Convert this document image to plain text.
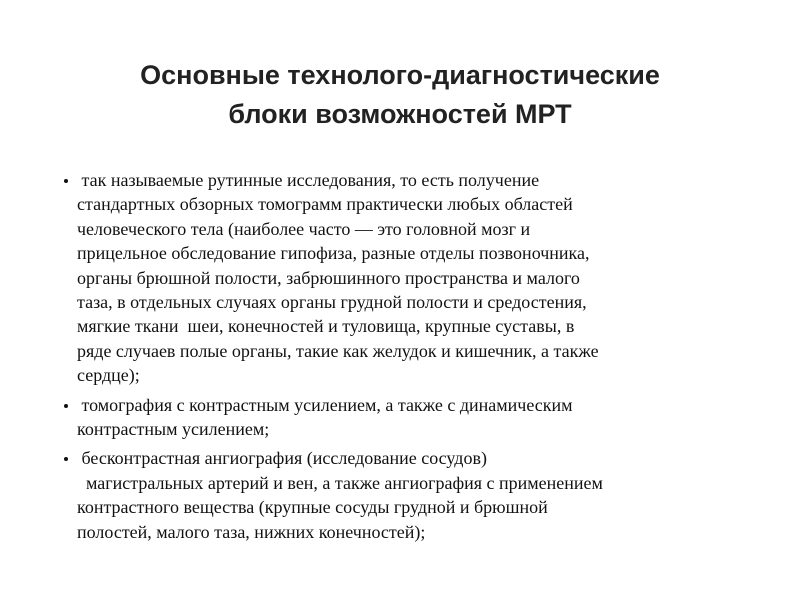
Основные технолого-диагностические
блоки возможностей МРТ
так называемые рутинные исследования, то есть получение
стандартных обзорных томограмм практически любых областей
человеческого тела (наиболее часто — это головной мозг и
прицельное обследование гипофиза, разные отделы позвоночника,
органы брюшной полости, забрюшинного пространства и малого
таза, в отдельных случаях органы грудной полости и средостения,
мягкие ткани  шеи, конечностей и туловища, крупные суставы, в
ряде случаев полые органы, такие как желудок и кишечник, а также
сердце);
томография с контрастным усилением, а также с динамическим
контрастным усилением;
бесконтрастная ангиография (исследование сосудов)
магистральных артерий и вен, а также ангиография с применением
контрастного вещества (крупные сосуды грудной и брюшной
полостей, малого таза, нижних конечностей);
